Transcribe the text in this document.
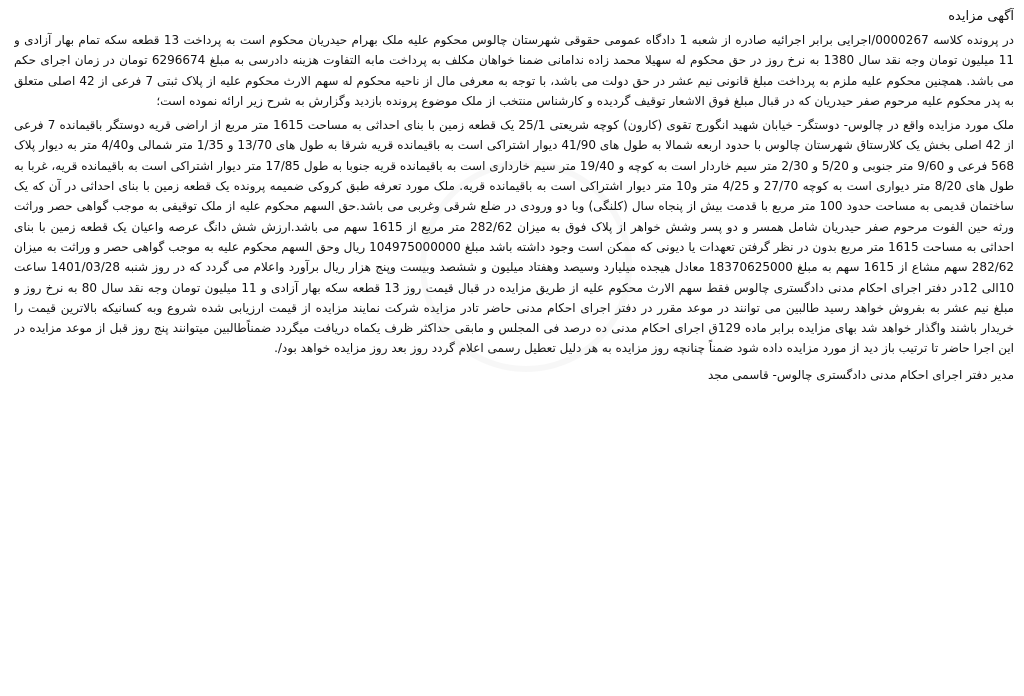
آگهی مزایده

در پرونده کلاسه 0000267/اجرایی برابر اجرائیه صادره از شعبه 1 دادگاه عمومی حقوقی شهرستان چالوس محکوم علیه ملک بهرام حیدریان محکوم است به پرداخت 13 قطعه سکه تمام بهار آزادی و 11 میلیون تومان وجه نقد سال 1380 به نرخ روز در حق محکوم له سهیلا محمد زاده ندامانی ضمنا خواهان مکلف به پرداخت مابه التفاوت هزینه دادرسی به مبلغ 6296674 تومان در زمان اجرای حکم می باشد. همچنین محکوم علیه ملزم به پرداخت مبلغ قانونی نیم عشر در حق دولت می باشد، با توجه به معرفی مال از ناحیه محکوم له سهم الارث محکوم علیه از پلاک ثبتی 7 فرعی از 42 اصلی متعلق به پدر محکوم علیه مرحوم صفر حیدریان که در قبال مبلغ فوق الاشعار توقیف گردیده و کارشناس منتخب از ملک موضوع پرونده بازدید وگزارش به شرح زیر ارائه نموده است؛

ملک مورد مزایده واقع در چالوس- دوستگر- خیابان شهید انگورج تقوی (کارون) کوچه شریعتی 25/1 یک قطعه زمین با بنای احداثی به مساحت 1615 متر مربع از اراضی قریه دوستگر باقیمانده 7 فرعی از 42 اصلی بخش یک کلارستاق شهرستان چالوس با حدود اربعه شمالا به طول های 41/90 دیوار اشتراکی است به باقیمانده قریه شرقا به طول های 13/70 و 1/35 متر شمالی و4/40 متر به دیوار پلاک 568 فرعی و 9/60 متر جنوبی و 5/20 و 2/30 متر سیم خاردار است به کوچه و 19/40 متر سیم خارداری است به باقیمانده قریه جنوبا به طول 17/85 متر دیوار اشتراکی است به باقیمانده قریه، غربا به طول های 8/20 متر دیواری است به کوچه 27/70 و 4/25 متر و10 متر دیوار اشتراکی است به باقیمانده قریه. ملک مورد تعرفه طبق کروکی ضمیمه پرونده یک قطعه زمین با بنای احداثی در آن که یک ساختمان قدیمی به مساحت حدود 100 متر مربع با قدمت بیش از پنجاه سال (کلنگی) وبا دو ورودی در ضلع شرقی وغربی می باشد.حق السهم محکوم علیه از ملک توقیفی به موجب گواهی حصر وراثت ورثه حین الفوت مرحوم صفر حیدریان شامل همسر و دو پسر وشش خواهر از پلاک فوق به میزان 282/62 متر مربع از 1615 سهم می باشد.ارزش شش دانگ عرصه واعیان یک قطعه زمین با بنای احداثی به مساحت 1615 متر مربع بدون در نظر گرفتن تعهدات یا دیونی که ممکن است وجود داشته باشد مبلغ 104975000000 ریال وحق السهم محکوم علیه به موجب گواهی حصر و وراثت به میزان 282/62 سهم مشاع از 1615 سهم به مبلغ 18370625000 معادل هیجده میلیارد وسیصد وهفتاد میلیون و ششصد وبیست وپنج هزار ریال برآورد واعلام می گردد که در روز شنبه 1401/03/28 ساعت 10الی 12در دفتر اجرای احکام مدنی دادگستری چالوس فقط سهم الارث محکوم علیه از طریق مزایده در قبال قیمت روز 13 قطعه سکه بهار آزادی و 11 میلیون تومان وجه نقد سال 80 به نرخ روز و مبلغ نیم عشر به بفروش خواهد رسید طالبین می توانند در موعد مقرر در دفتر اجرای احکام مدنی حاضر تادر مزایده شرکت نمایند مزایده از قیمت ارزیابی شده شروع وبه کسانیکه بالاترین قیمت را خریدار باشند واگذار خواهد شد بهای مزایده برابر ماده 129ق اجرای احکام مدنی ده درصد فی المجلس و مابقی حداکثر ظرف یکماه دریافت میگردد ضمناًطالبین میتوانند پنج روز قبل از موعد مزایده در این اجرا حاضر تا ترتیب باز دید از مورد مزایده داده شود ضمناً چنانچه روز مزایده به هر دلیل تعطیل رسمی اعلام گردد روز بعد روز مزایده خواهد بود/.

مدیر دفتر اجرای احکام مدنی دادگستری چالوس- قاسمی مجد
